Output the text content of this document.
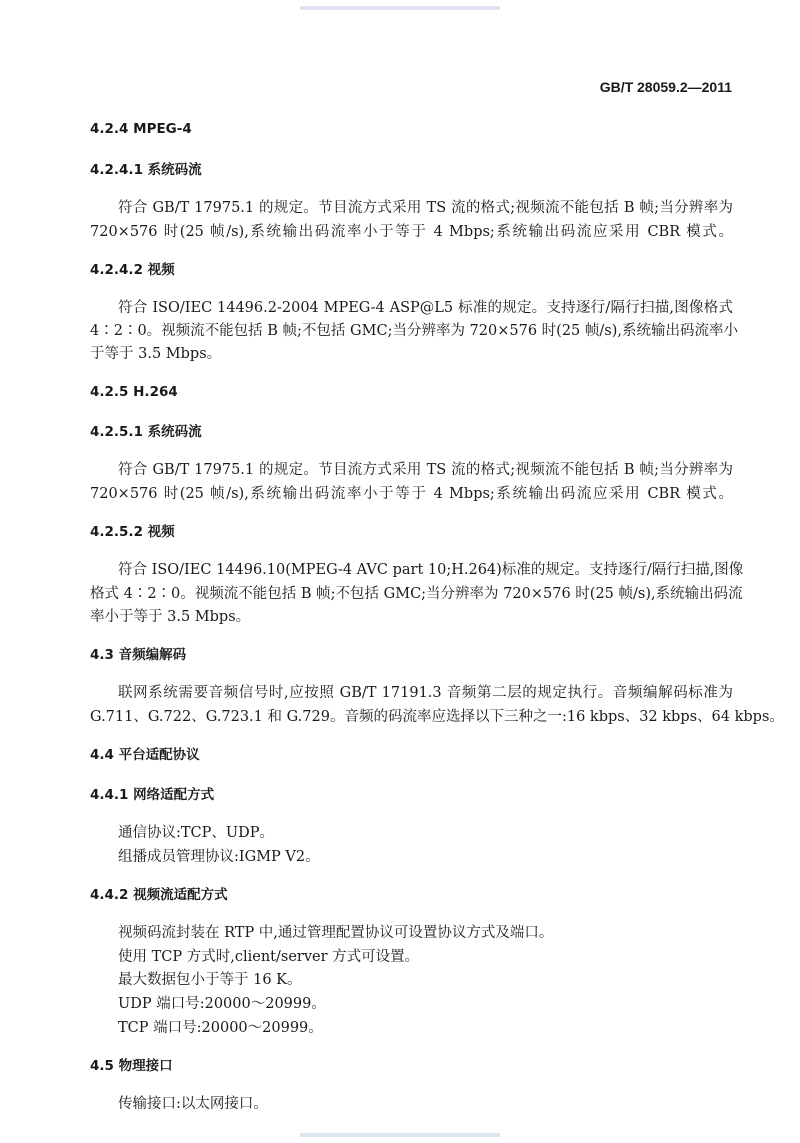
GB/T 28059.2—2011
4.2.4 MPEG-4
4.2.4.1 系统码流
符合 GB/T 17975.1 的规定。节目流方式采用 TS 流的格式;视频流不能包括 B 帧;当分辨率为
720×576 时(25 帧/s),系统输出码流率小于等于 4 Mbps;系统输出码流应采用 CBR 模式。
4.2.4.2 视频
符合 ISO/IEC 14496.2-2004 MPEG-4 ASP@L5 标准的规定。支持逐行/隔行扫描,图像格式
4∶2∶0。视频流不能包括 B 帧;不包括 GMC;当分辨率为 720×576 时(25 帧/s),系统输出码流率小
于等于 3.5 Mbps。
4.2.5 H.264
4.2.5.1 系统码流
符合 GB/T 17975.1 的规定。节目流方式采用 TS 流的格式;视频流不能包括 B 帧;当分辨率为
720×576 时(25 帧/s),系统输出码流率小于等于 4 Mbps;系统输出码流应采用 CBR 模式。
4.2.5.2 视频
符合 ISO/IEC 14496.10(MPEG-4 AVC part 10;H.264)标准的规定。支持逐行/隔行扫描,图像
格式 4∶2∶0。视频流不能包括 B 帧;不包括 GMC;当分辨率为 720×576 时(25 帧/s),系统输出码流
率小于等于 3.5 Mbps。
4.3 音频编解码
联网系统需要音频信号时,应按照 GB/T 17191.3 音频第二层的规定执行。音频编解码标准为
G.711、G.722、G.723.1 和 G.729。音频的码流率应选择以下三种之一:16 kbps、32 kbps、64 kbps。
4.4 平台适配协议
4.4.1 网络适配方式
通信协议:TCP、UDP。
组播成员管理协议:IGMP V2。
4.4.2 视频流适配方式
视频码流封装在 RTP 中,通过管理配置协议可设置协议方式及端口。
使用 TCP 方式时,client/server 方式可设置。
最大数据包小于等于 16 K。
UDP 端口号:20000～20999。
TCP 端口号:20000～20999。
4.5 物理接口
传输接口:以太网接口。
